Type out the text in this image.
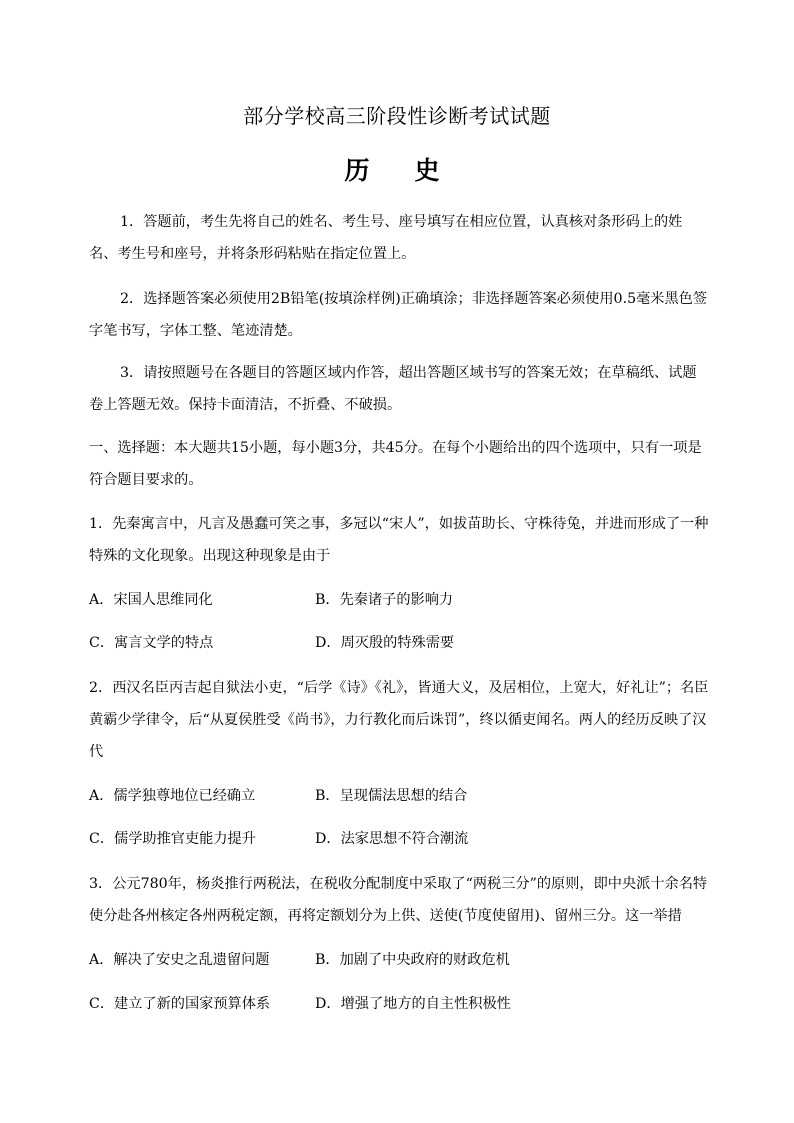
部分学校高三阶段性诊断考试试题
历　史

1．答题前，考生先将自己的姓名、考生号、座号填写在相应位置，认真核对条形码上的姓名、考生号和座号，并将条形码粘贴在指定位置上。

2．选择题答案必须使用2B铅笔(按填涂样例)正确填涂；非选择题答案必须使用0.5毫米黑色签字笔书写，字体工整、笔迹清楚。

3．请按照题号在各题目的答题区域内作答，超出答题区域书写的答案无效；在草稿纸、试题卷上答题无效。保持卡面清洁，不折叠、不破损。

一、选择题：本大题共15小题，每小题3分，共45分。在每个小题给出的四个选项中，只有一项是符合题目要求的。

1．先秦寓言中，凡言及愚蠢可笑之事，多冠以“宋人”，如拔苗助长、守株待兔，并进而形成了一种特殊的文化现象。出现这种现象是由于

A．宋国人思维同化	B．先秦诸子的影响力
C．寓言文学的特点	D．周灭殷的特殊需要

2．西汉名臣丙吉起自狱法小吏，“后学《诗》《礼》，皆通大义，及居相位，上宽大，好礼让”；名臣黄霸少学律令，后“从夏侯胜受《尚书》，力行教化而后诛罚”，终以循吏闻名。两人的经历反映了汉代

A．儒学独尊地位已经确立	B．呈现儒法思想的结合
C．儒学助推官吏能力提升	D．法家思想不符合潮流

3．公元780年，杨炎推行两税法，在税收分配制度中采取了“两税三分”的原则，即中央派十余名特使分赴各州核定各州两税定额，再将定额划分为上供、送使(节度使留用)、留州三分。这一举措

A．解决了安史之乱遗留问题	B．加剧了中央政府的财政危机
C．建立了新的国家预算体系	D．增强了地方的自主性积极性
